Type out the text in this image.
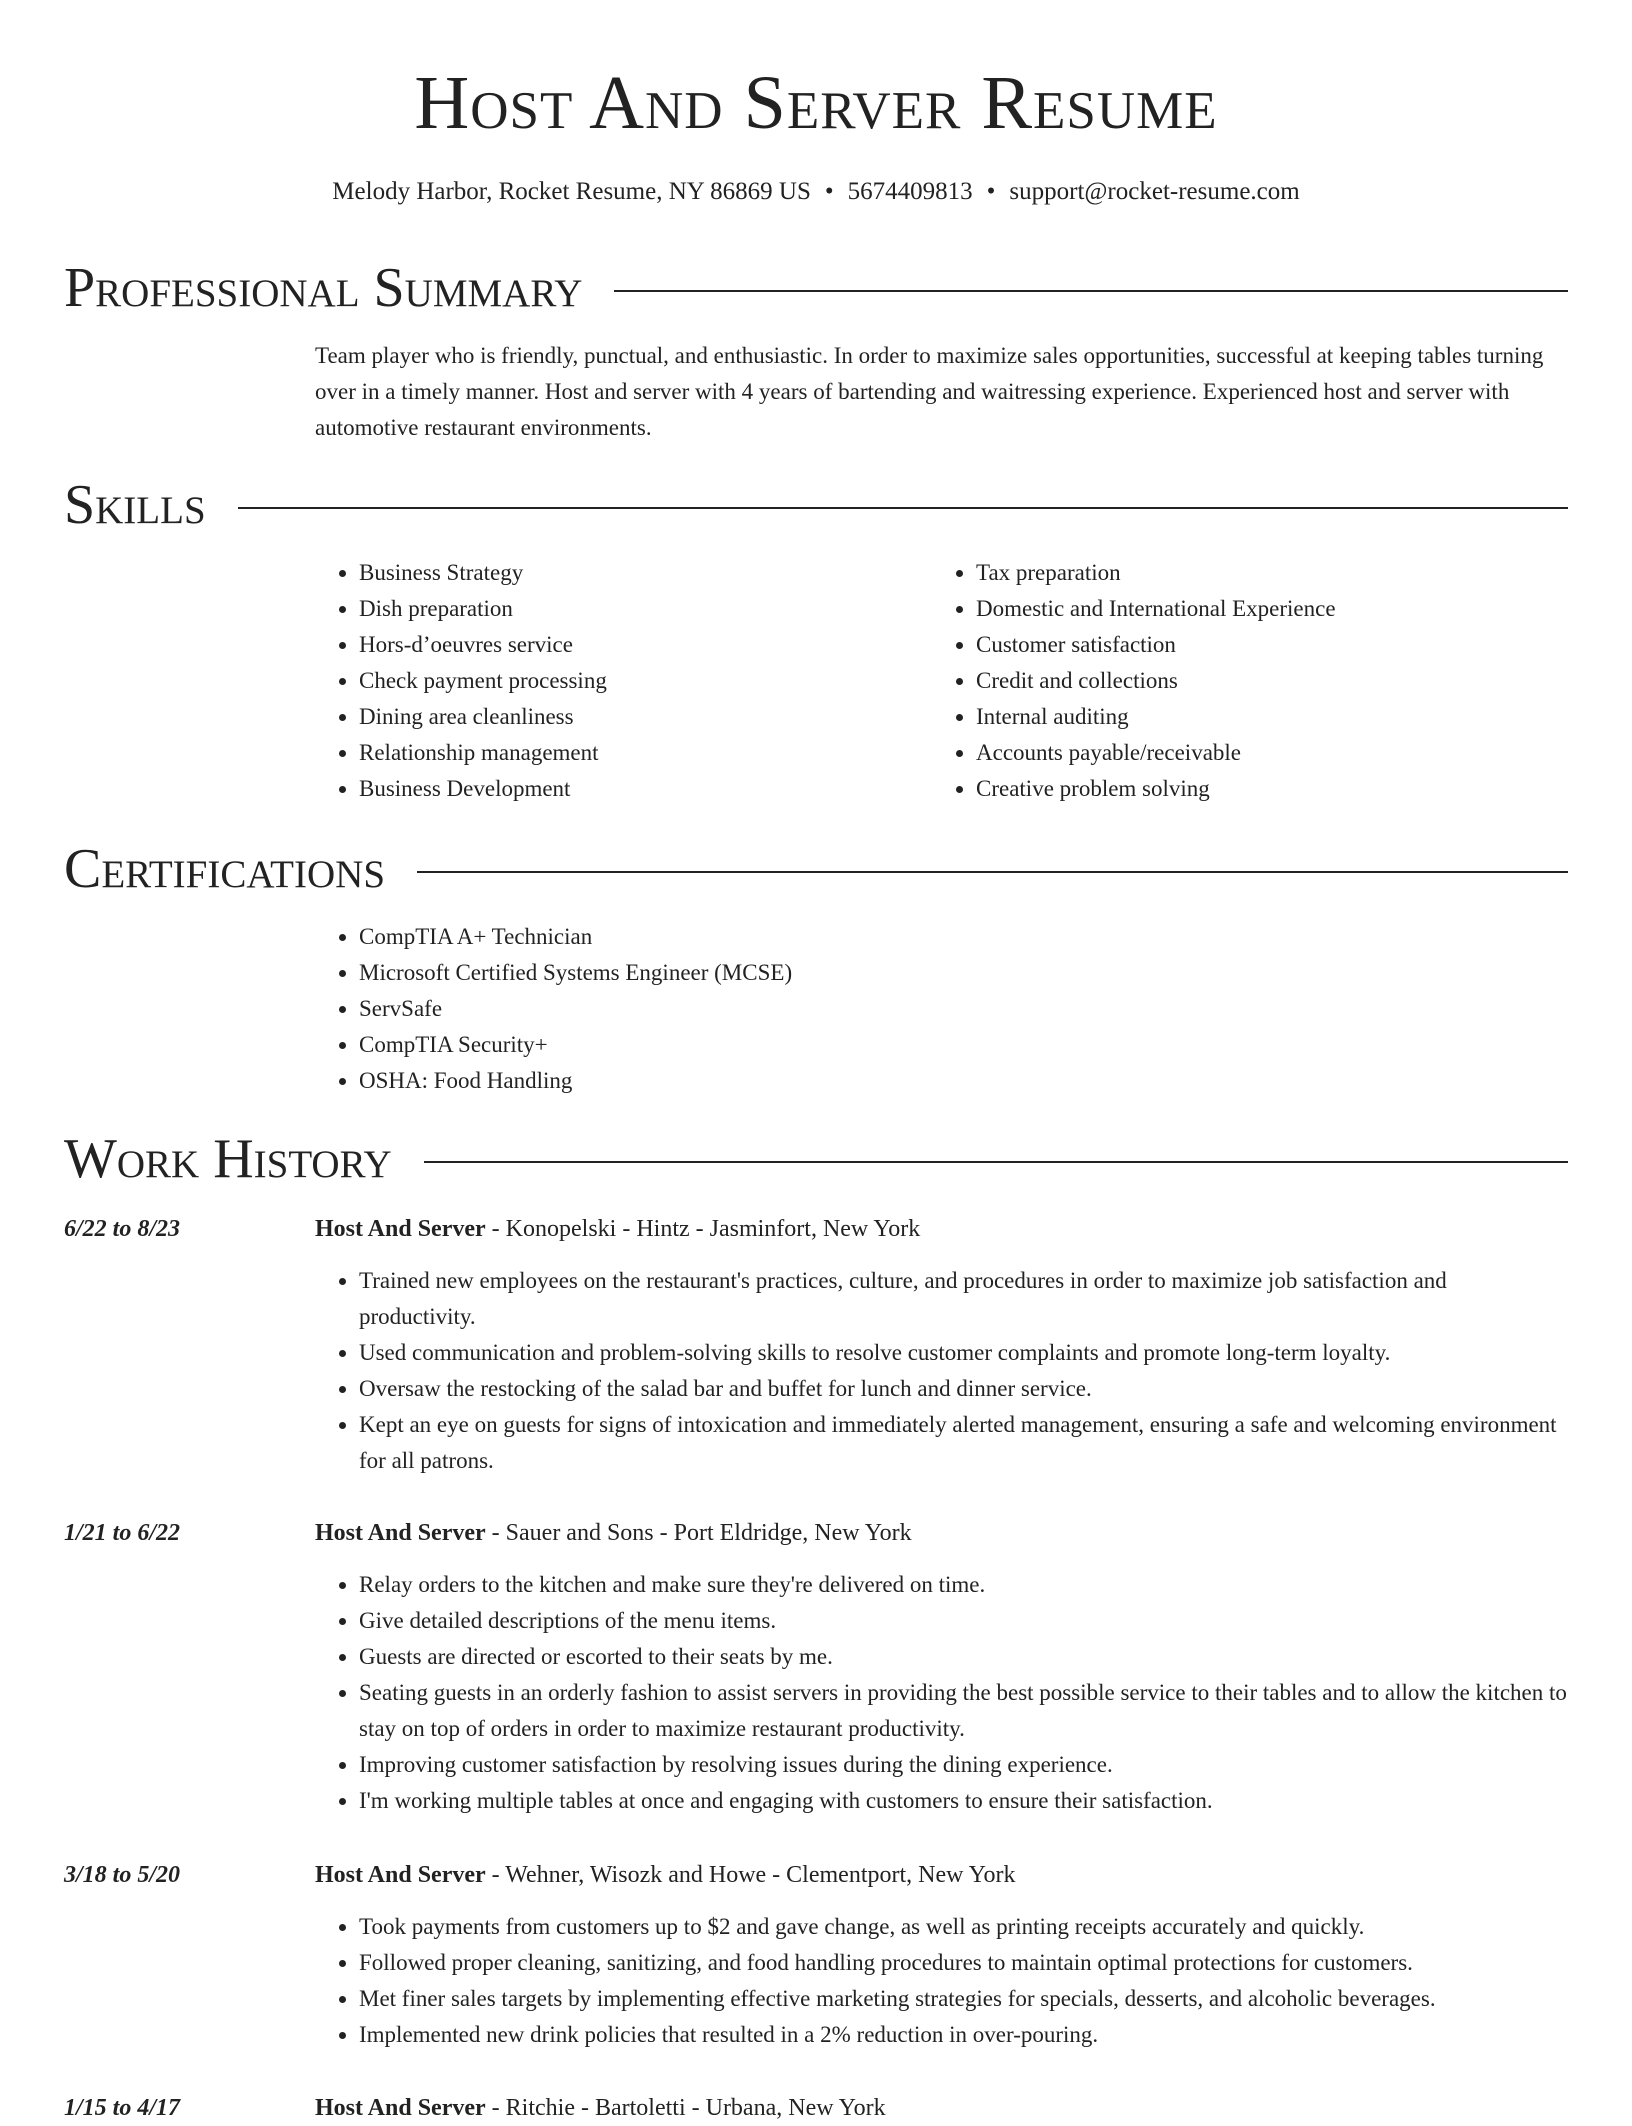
Host And Server Resume
Melody Harbor, Rocket Resume, NY 86869 US • 5674409813 • support@rocket-resume.com
Professional Summary

Team player who is friendly, punctual, and enthusiastic. In order to maximize sales opportunities, successful at keeping tables turning over in a timely manner. Host and server with 4 years of bartending and waitressing experience. Experienced host and server with automotive restaurant environments.

Skills
• Business Strategy
• Dish preparation
• Hors-d’oeuvres service
• Check payment processing
• Dining area cleanliness
• Relationship management
• Business Development
• Tax preparation
• Domestic and International Experience
• Customer satisfaction
• Credit and collections
• Internal auditing
• Accounts payable/receivable
• Creative problem solving
Certifications
• CompTIA A+ Technician
• Microsoft Certified Systems Engineer (MCSE)
• ServSafe
• CompTIA Security+
• OSHA: Food Handling
Work History
6/22 to 8/23	Host And Server - Konopelski - Hintz - Jasminfort, New York
• Trained new employees on the restaurant's practices, culture, and procedures in order to maximize job satisfaction and productivity.
• Used communication and problem-solving skills to resolve customer complaints and promote long-term loyalty.
• Oversaw the restocking of the salad bar and buffet for lunch and dinner service.
• Kept an eye on guests for signs of intoxication and immediately alerted management, ensuring a safe and welcoming environment for all patrons.
1/21 to 6/22	Host And Server - Sauer and Sons - Port Eldridge, New York
• Relay orders to the kitchen and make sure they're delivered on time.
• Give detailed descriptions of the menu items.
• Guests are directed or escorted to their seats by me.
• Seating guests in an orderly fashion to assist servers in providing the best possible service to their tables and to allow the kitchen to stay on top of orders in order to maximize restaurant productivity.
• Improving customer satisfaction by resolving issues during the dining experience.
• I'm working multiple tables at once and engaging with customers to ensure their satisfaction.
3/18 to 5/20	Host And Server - Wehner, Wisozk and Howe - Clementport, New York
• Took payments from customers up to $2 and gave change, as well as printing receipts accurately and quickly.
• Followed proper cleaning, sanitizing, and food handling procedures to maintain optimal protections for customers.
• Met finer sales targets by implementing effective marketing strategies for specials, desserts, and alcoholic beverages.
• Implemented new drink policies that resulted in a 2% reduction in over-pouring.
1/15 to 4/17	Host And Server - Ritchie - Bartoletti - Urbana, New York
